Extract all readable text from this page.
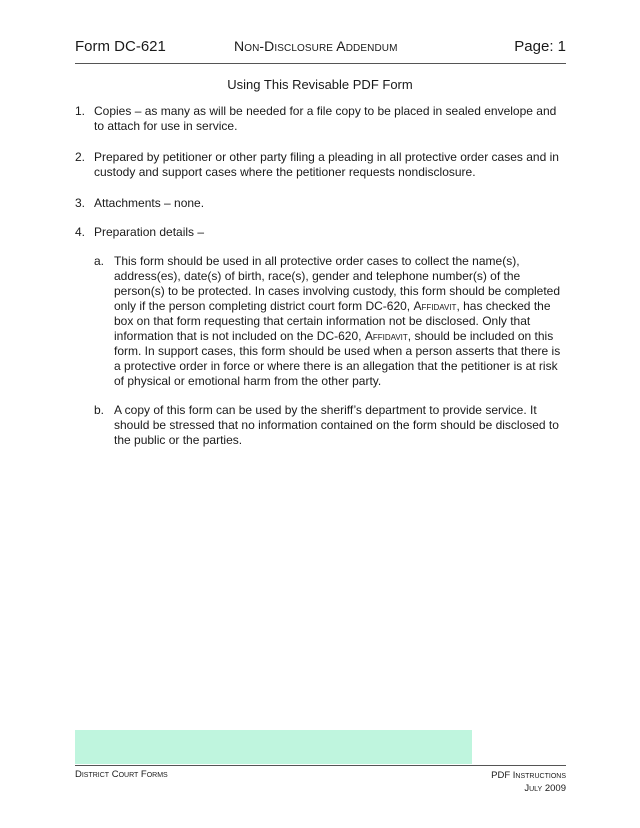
Form DC-621	Non-Disclosure Addendum	Page: 1
Using This Revisable PDF Form
1. Copies – as many as will be needed for a file copy to be placed in sealed envelope and to attach for use in service.
2. Prepared by petitioner or other party filing a pleading in all protective order cases and in custody and support cases where the petitioner requests nondisclosure.
3. Attachments – none.
4. Preparation details –
a. This form should be used in all protective order cases to collect the name(s), address(es), date(s) of birth, race(s), gender and telephone number(s) of the person(s) to be protected. In cases involving custody, this form should be completed only if the person completing district court form DC-620, Affidavit, has checked the box on that form requesting that certain information not be disclosed. Only that information that is not included on the DC-620, Affidavit, should be included on this form. In support cases, this form should be used when a person asserts that there is a protective order in force or where there is an allegation that the petitioner is at risk of physical or emotional harm from the other party.
b. A copy of this form can be used by the sheriff’s department to provide service. It should be stressed that no information contained on the form should be disclosed to the public or the parties.
District Court Forms	PDF Instructions
July 2009
